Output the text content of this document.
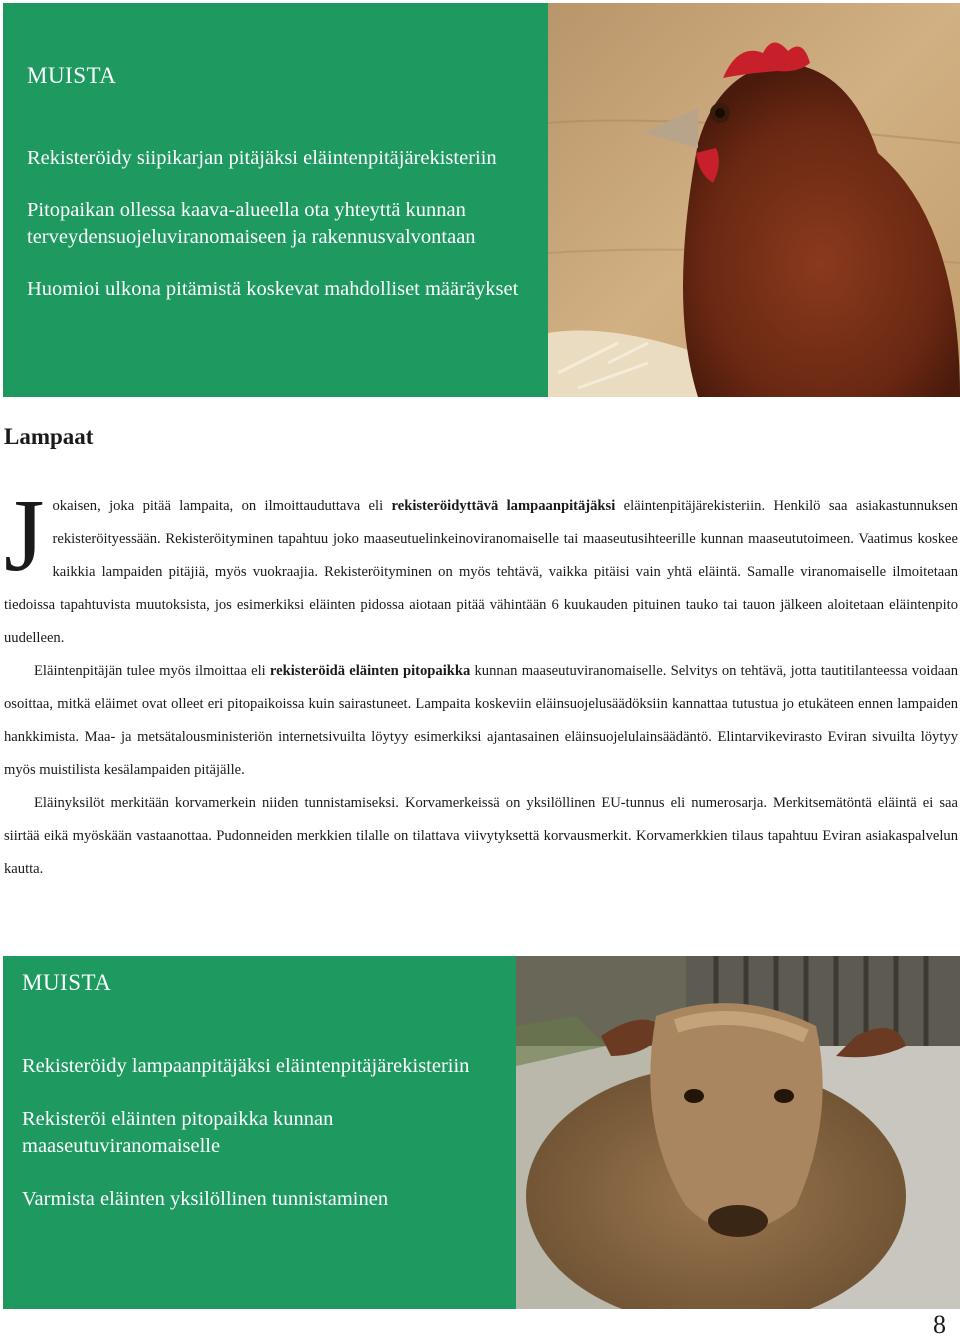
MUISTA

Rekisteröidy siipikarjan pitäjäksi eläintenpitäjärekisteriin

Pitopaikan ollessa kaava-alueella ota yhteyttä kunnan terveydensuojeluviranomaiseen ja rakennusvalvontaan

Huomioi ulkona pitämistä koskevat mahdolliset määräykset

Lampaat

Jokaisen, joka pitää lampaita, on ilmoittauduttava eli rekisteröidyttävä lampaanpitäjäksi eläintenpitäjärekisteriin. Henkilö saa asiakastunnuksen rekisteröityessään. Rekisteröityminen tapahtuu joko maaseutuelinkeinoviranomaiselle tai maaseutusihteerille kunnan maaseututoimeen. Vaatimus koskee kaikkia lampaiden pitäjiä, myös vuokraajia. Rekisteröityminen on myös tehtävä, vaikka pitäisi vain yhtä eläintä. Samalle viranomaiselle ilmoitetaan tiedoissa tapahtuvista muutoksista, jos esimerkiksi eläinten pidossa aiotaan pitää vähintään 6 kuukauden pituinen tauko tai tauon jälkeen aloitetaan eläintenpito uudelleen.

Eläintenpitäjän tulee myös ilmoittaa eli rekisteröidä eläinten pitopaikka kunnan maaseutuviranomaiselle. Selvitys on tehtävä, jotta tautitilanteessa voidaan osoittaa, mitkä eläimet ovat olleet eri pitopaikoissa kuin sairastuneet. Lampaita koskeviin eläinsuojelusäädöksiin kannattaa tutustua jo etukäteen ennen lampaiden hankkimista. Maa- ja metsätalousministeriön internetsivuilta löytyy esimerkiksi ajantasainen eläinsuojelulainsäädäntö. Elintarvikevirasto Eviran sivuilta löytyy myös muistilista kesälampaiden pitäjälle.

Eläinyksilöt merkitään korvamerkein niiden tunnistamiseksi. Korvamerkeissä on yksilöllinen EU-tunnus eli numerosarja. Merkitsemätöntä eläintä ei saa siirtää eikä myöskään vastaanottaa. Pudonneiden merkkien tilalle on tilattava viivytyksettä korvausmerkit. Korvamerkkien tilaus tapahtuu Eviran asiakaspalvelun kautta.

MUISTA

Rekisteröidy lampaanpitäjäksi eläintenpitäjärekisteriin

Rekisteröi eläinten pitopaikka kunnan maaseutuviranomaiselle

Varmista eläinten yksilöllinen tunnistaminen

8
